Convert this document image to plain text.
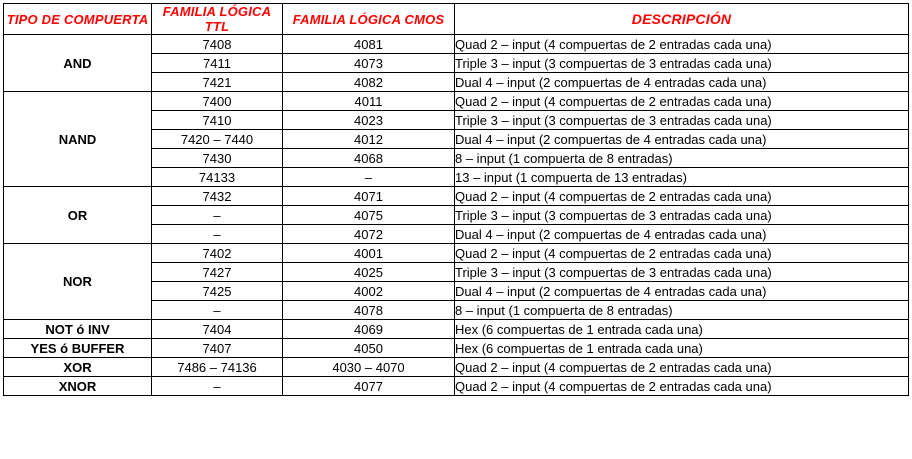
TIPO DE COMPUERTA	FAMILIA LÓGICA TTL	FAMILIA LÓGICA CMOS	DESCRIPCIÓN
AND	7408	4081	Quad 2 – input (4 compuertas de 2 entradas cada una)
	7411	4073	Triple 3 – input (3 compuertas de 3 entradas cada una)
	7421	4082	Dual 4 – input (2 compuertas de 4 entradas cada una)
NAND	7400	4011	Quad 2 – input (4 compuertas de 2 entradas cada una)
	7410	4023	Triple 3 – input (3 compuertas de 3 entradas cada una)
	7420 – 7440	4012	Dual 4 – input (2 compuertas de 4 entradas cada una)
	7430	4068	8 – input (1 compuerta de 8 entradas)
	74133	–	13 – input (1 compuerta de 13 entradas)
OR	7432	4071	Quad 2 – input (4 compuertas de 2 entradas cada una)
	–	4075	Triple 3 – input (3 compuertas de 3 entradas cada una)
	–	4072	Dual 4 – input (2 compuertas de 4 entradas cada una)
NOR	7402	4001	Quad 2 – input (4 compuertas de 2 entradas cada una)
	7427	4025	Triple 3 – input (3 compuertas de 3 entradas cada una)
	7425	4002	Dual 4 – input (2 compuertas de 4 entradas cada una)
	–	4078	8 – input (1 compuerta de 8 entradas)
NOT ó INV	7404	4069	Hex (6 compuertas de 1 entrada cada una)
YES ó BUFFER	7407	4050	Hex (6 compuertas de 1 entrada cada una)
XOR	7486 – 74136	4030 – 4070	Quad 2 – input (4 compuertas de 2 entradas cada una)
XNOR	–	4077	Quad 2 – input (4 compuertas de 2 entradas cada una)
